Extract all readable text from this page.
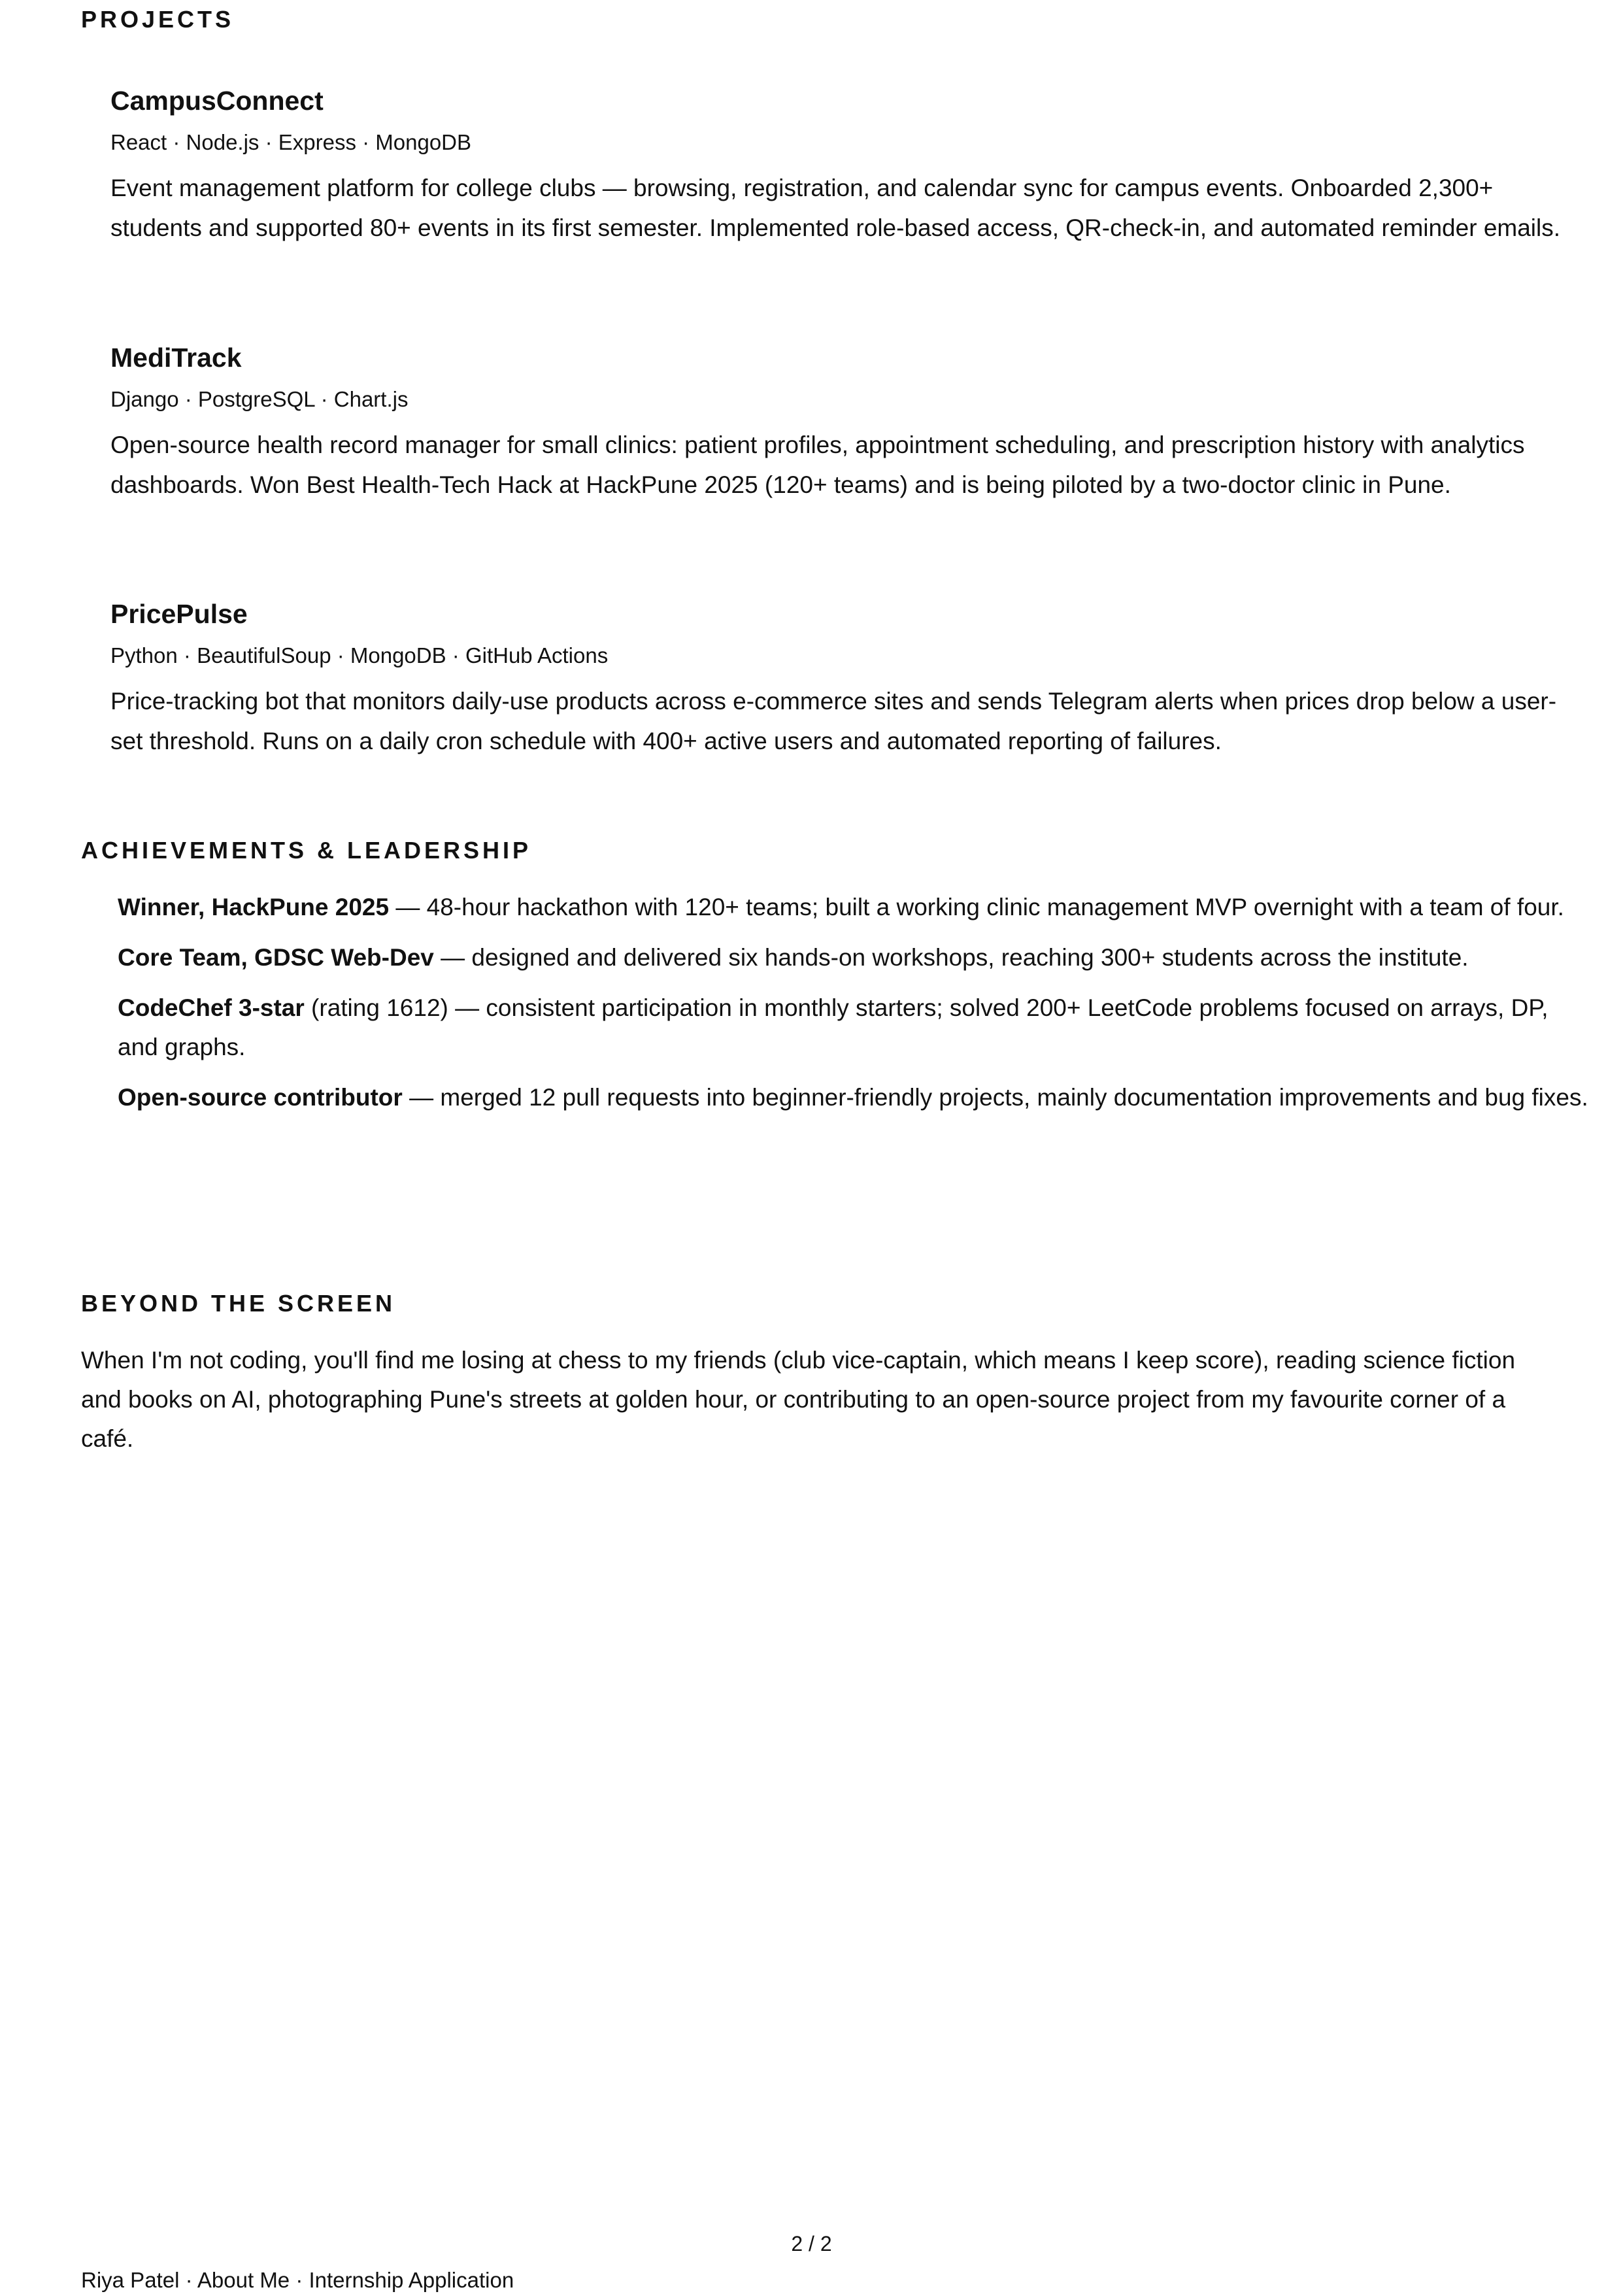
PROJECTS
CampusConnect
React · Node.js · Express · MongoDB
Event management platform for college clubs — browsing, registration, and calendar sync for campus events. Onboarded 2,300+ students and supported 80+ events in its first semester. Implemented role-based access, QR-check-in, and automated reminder emails.
MediTrack
Django · PostgreSQL · Chart.js
Open-source health record manager for small clinics: patient profiles, appointment scheduling, and prescription history with analytics dashboards. Won Best Health-Tech Hack at HackPune 2025 (120+ teams) and is being piloted by a two-doctor clinic in Pune.
PricePulse
Python · BeautifulSoup · MongoDB · GitHub Actions
Price-tracking bot that monitors daily-use products across e-commerce sites and sends Telegram alerts when prices drop below a user-set threshold. Runs on a daily cron schedule with 400+ active users and automated reporting of failures.
ACHIEVEMENTS & LEADERSHIP
Winner, HackPune 2025 — 48-hour hackathon with 120+ teams; built a working clinic management MVP overnight with a team of four.
Core Team, GDSC Web-Dev — designed and delivered six hands-on workshops, reaching 300+ students across the institute.
CodeChef 3-star (rating 1612) — consistent participation in monthly starters; solved 200+ LeetCode problems focused on arrays, DP, and graphs.
Open-source contributor — merged 12 pull requests into beginner-friendly projects, mainly documentation improvements and bug fixes.
BEYOND THE SCREEN

When I'm not coding, you'll find me losing at chess to my friends (club vice-captain, which means I keep score), reading science fiction and books on AI, photographing Pune's streets at golden hour, or contributing to an open-source project from my favourite corner of a café.

2 / 2
Riya Patel · About Me · Internship Application
